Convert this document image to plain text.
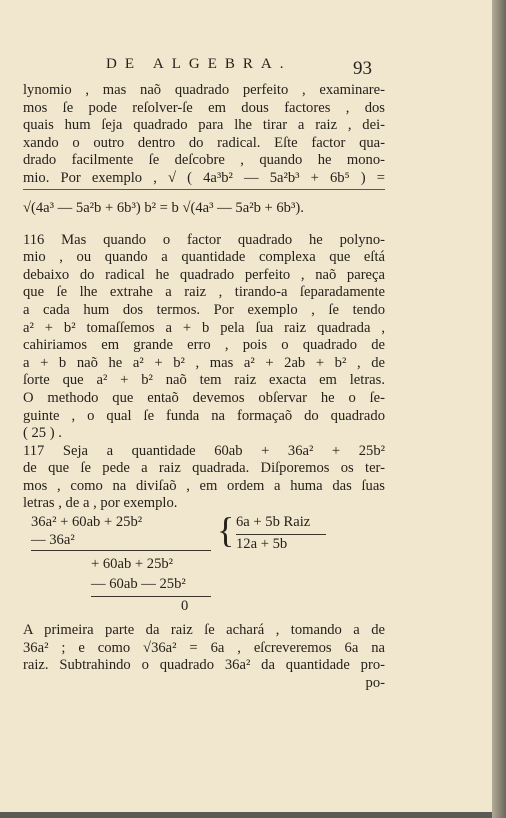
DE ALGEBRA.	93
lynomio , mas naõ quadrado perfeito , examinare-
mos ſe pode reſolver-ſe em dous factores , dos
quais hum ſeja quadrado para lhe tirar a raiz , dei-
xando o outro dentro do radical. Eſte factor qua-
drado facilmente ſe deſcobre , quando he mono-
mio. Por exemplo , √ ( 4a³b² — 5a²b³ + 6b⁵ ) =
√(4a³ — 5a²b + 6b³) b² = b √(4a³ — 5a²b + 6b³).
116 Mas quando o factor quadrado he polyno-
mio , ou quando a quantidade complexa que eſtá
debaixo do radical he quadrado perfeito , naõ pareça
que ſe lhe extrahe a raiz , tirando-a ſeparadamente
a cada hum dos termos. Por exemplo , ſe tendo
a² + b² tomaſſemos a + b pela ſua raiz quadrada ,
cahiriamos em grande erro , pois o quadrado de
a + b naõ he a² + b² , mas a² + 2ab + b² , de
ſorte que a² + b² naõ tem raiz exacta em letras.
O methodo que entaõ devemos obſervar he o ſe-
guinte , o qual ſe funda na formaçaõ do quadrado
( 25 ) .
117 Seja a quantidade 60ab + 36a² + 25b²
de que ſe pede a raiz quadrada. Diſporemos os ter-
mos , como na diviſaõ , em ordem a huma das ſuas
letras , de a , por exemplo.
36a² + 60ab + 25b²
— 36a²
+ 60ab + 25b²
— 60ab — 25b²
0
{ 6a + 5b Raiz
12a + 5b
A primeira parte da raiz ſe achará , tomando a de
36a² ; e como √36a² = 6a , eſcreveremos 6a na
raiz. Subtrahindo o quadrado 36a² da quantidade pro-
po-
